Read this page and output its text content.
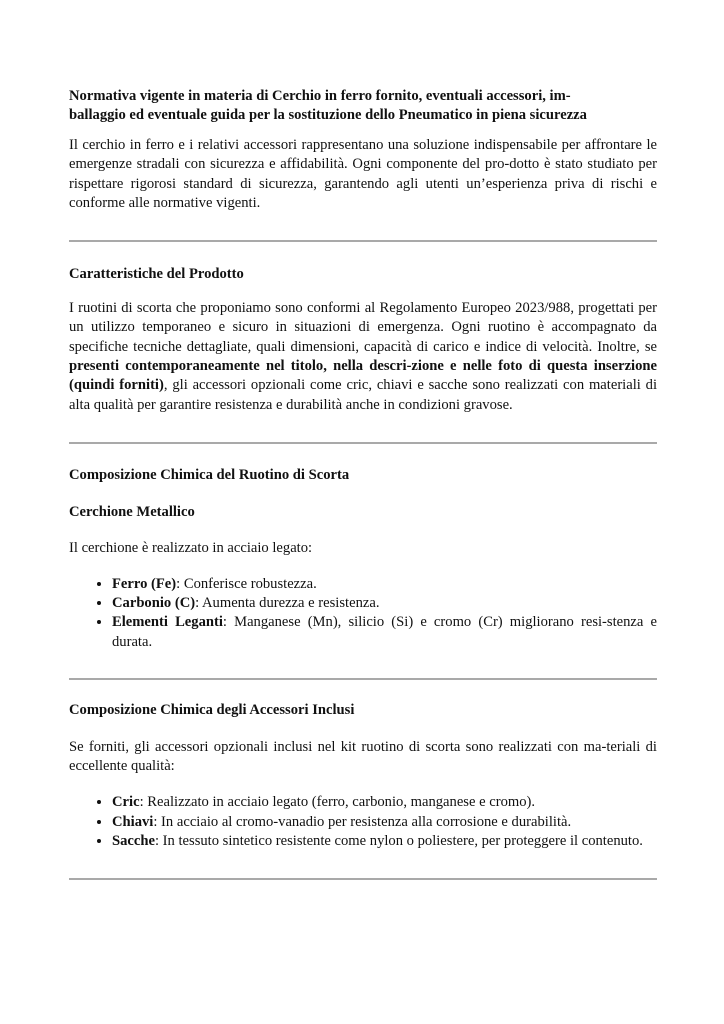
Normativa vigente in materia di Cerchio in ferro fornito, eventuali accessori, im-
ballaggio ed eventuale guida per la sostituzione dello Pneumatico in piena sicurezza

Il cerchio in ferro e i relativi accessori rappresentano una soluzione indispensabile per affrontare le emergenze stradali con sicurezza e affidabilità. Ogni componente del pro-dotto è stato studiato per rispettare rigorosi standard di sicurezza, garantendo agli utenti un’esperienza priva di rischi e conforme alle normative vigenti.

Caratteristiche del Prodotto

I ruotini di scorta che proponiamo sono conformi al Regolamento Europeo 2023/988, progettati per un utilizzo temporaneo e sicuro in situazioni di emergenza. Ogni ruotino è accompagnato da specifiche tecniche dettagliate, quali dimensioni, capacità di carico e indice di velocità. Inoltre, se presenti contemporaneamente nel titolo, nella descri-zione e nelle foto di questa inserzione (quindi forniti), gli accessori opzionali come cric, chiavi e sacche sono realizzati con materiali di alta qualità per garantire resistenza e durabilità anche in condizioni gravose.

Composizione Chimica del Ruotino di Scorta

Cerchione Metallico

Il cerchione è realizzato in acciaio legato:

• Ferro (Fe): Conferisce robustezza.
• Carbonio (C): Aumenta durezza e resistenza.
• Elementi Leganti: Manganese (Mn), silicio (Si) e cromo (Cr) migliorano resi-stenza e durata.

Composizione Chimica degli Accessori Inclusi

Se forniti, gli accessori opzionali inclusi nel kit ruotino di scorta sono realizzati con ma-teriali di eccellente qualità:

• Cric: Realizzato in acciaio legato (ferro, carbonio, manganese e cromo).
• Chiavi: In acciaio al cromo-vanadio per resistenza alla corrosione e durabilità.
• Sacche: In tessuto sintetico resistente come nylon o poliestere, per proteggere il contenuto.
